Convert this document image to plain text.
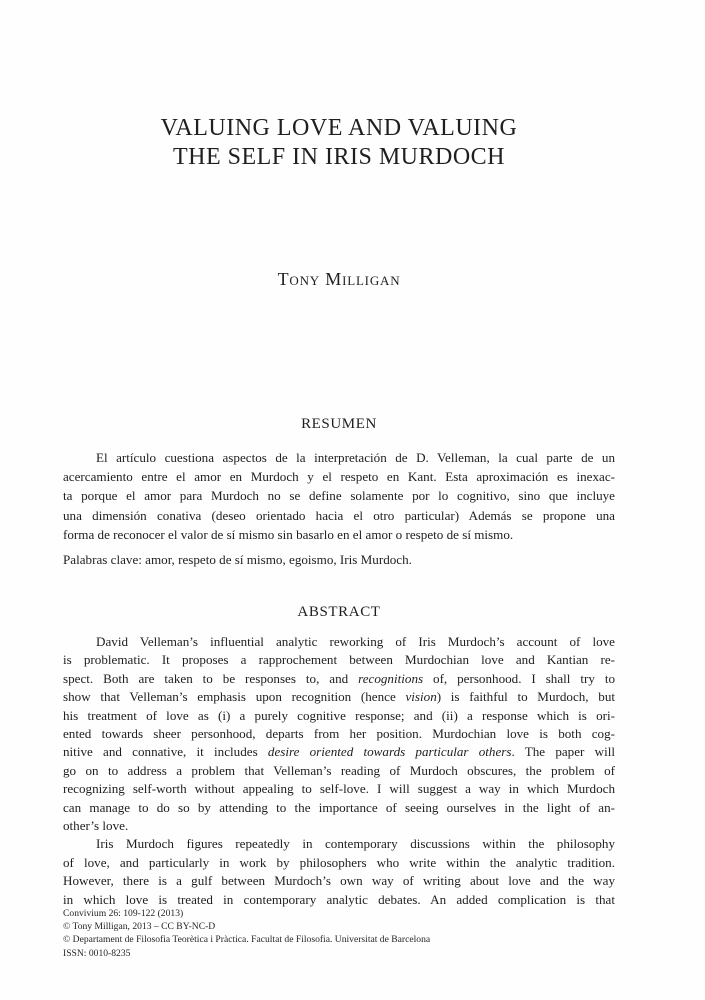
VALUING LOVE AND VALUING
THE SELF IN IRIS MURDOCH
Tony Milligan
RESUMEN
El artículo cuestiona aspectos de la interpretación de D. Velleman, la cual parte de un
acercamiento entre el amor en Murdoch y el respeto en Kant. Esta aproximación es inexac-
ta porque el amor para Murdoch no se define solamente por lo cognitivo, sino que incluye
una dimensión conativa (deseo orientado hacia el otro particular) Además se propone una
forma de reconocer el valor de sí mismo sin basarlo en el amor o respeto de sí mismo.
Palabras clave: amor, respeto de sí mismo, egoismo, Iris Murdoch.
ABSTRACT
David Velleman’s influential analytic reworking of Iris Murdoch’s account of love
is problematic. It proposes a rapprochement between Murdochian love and Kantian re-
spect. Both are taken to be responses to, and recognitions of, personhood. I shall try to
show that Velleman’s emphasis upon recognition (hence vision) is faithful to Murdoch, but
his treatment of love as (i) a purely cognitive response; and (ii) a response which is ori-
ented towards sheer personhood, departs from her position. Murdochian love is both cog-
nitive and connative, it includes desire oriented towards particular others. The paper will
go on to address a problem that Velleman’s reading of Murdoch obscures, the problem of
recognizing self-worth without appealing to self-love. I will suggest a way in which Murdoch
can manage to do so by attending to the importance of seeing ourselves in the light of an-
other’s love.
Iris Murdoch figures repeatedly in contemporary discussions within the philosophy
of love, and particularly in work by philosophers who write within the analytic tradition.
However, there is a gulf between Murdoch’s own way of writing about love and the way
in which love is treated in contemporary analytic debates. An added complication is that
Convivium 26: 109-122 (2013)
© Tony Milligan, 2013 – CC BY-NC-D
© Departament de Filosofia Teorètica i Pràctica. Facultat de Filosofia. Universitat de Barcelona
ISSN: 0010-8235
